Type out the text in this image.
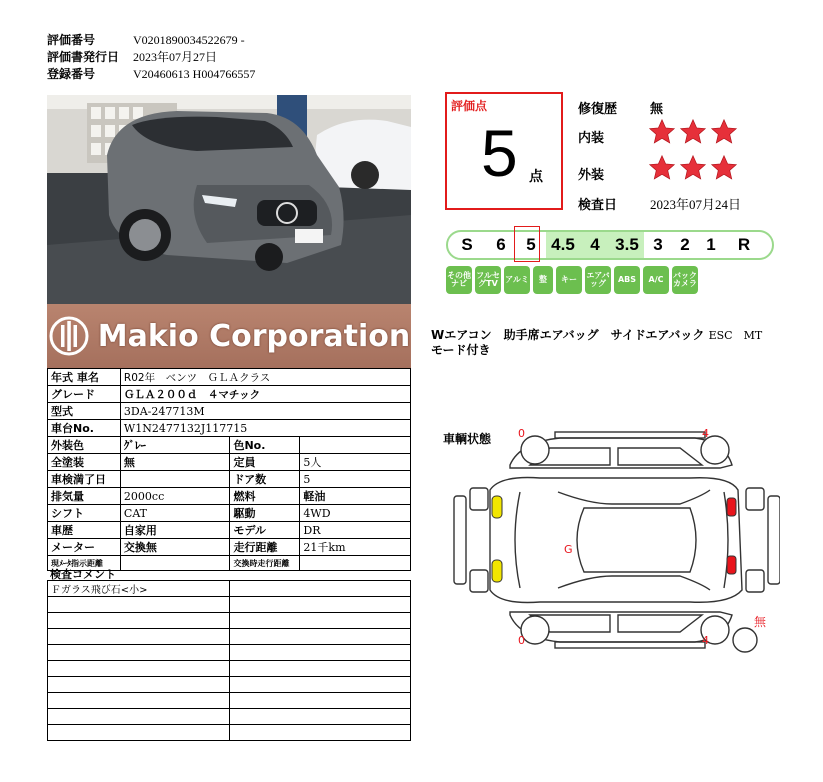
評価番号	V0201890034522679 -
評価書発行日 2023年07月27日
登録番号	V20460613 H004766557
Makio Corporation
年式 車名	R02年　ベンツ　ＧＬＡクラス		
グレード	ＧＬＡ２００ｄ　４マチック		
型式	3DA-247713M		
車台No.	W1N2477132J117715		
外装色	ｸﾞﾚｰ	色No.	
全塗装	無	定員	5人
車検満了日		ドア数	5
排気量	2000cc	燃料	軽油
シフト	CAT	駆動	4WD
車歴	自家用	モデル	DR
メーター	交換無	走行距離	21千km
現ﾒｰﾀ指示距離		交換時走行距離	
検査コメント
Ｆガラス飛び石<小>	

評価点
5 点
修復歴	無
内装
外装
検査日	2023年07月24日
S	6	5 4.5 4 3.5 3	2 1	R
その他ナビ
フルセグTV アルミ	整	キー	エアバッグ	ABS	A/C	バックカメラ
Wエアコン　助手席エアバッグ　サイドエアバック ESC　MT
モード付き
車輌状態 0	4
0	4
G
無
